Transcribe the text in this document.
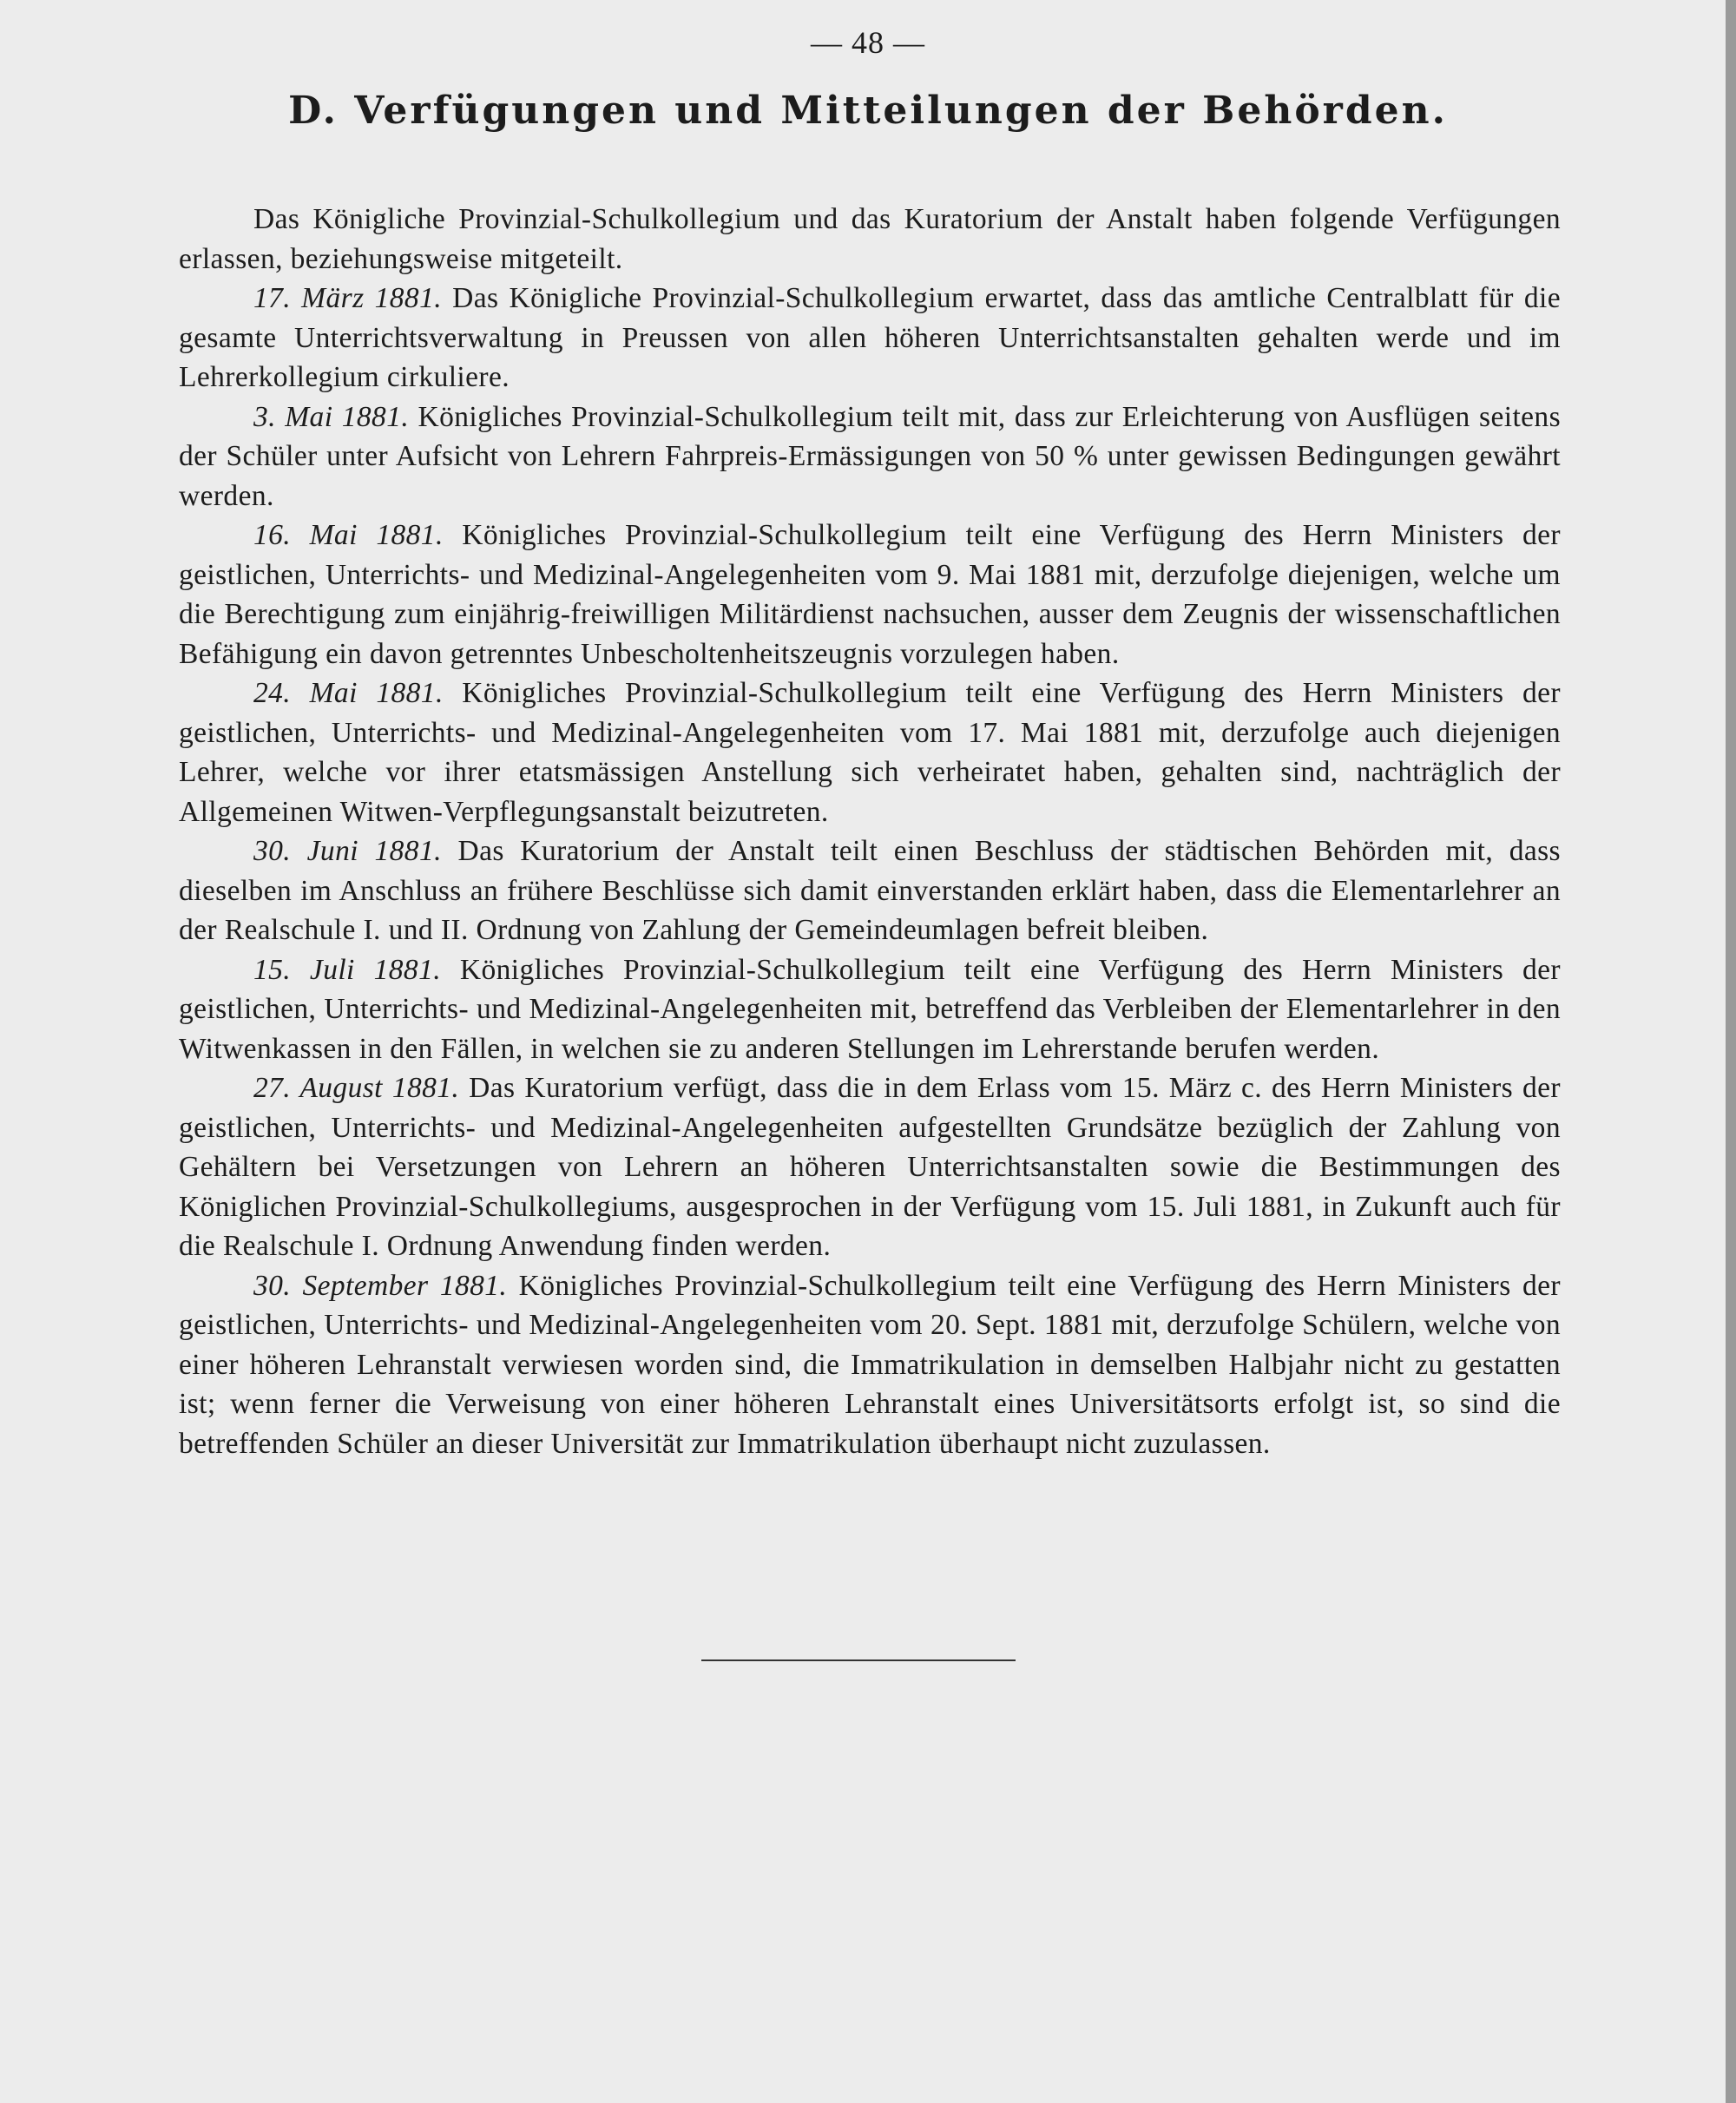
— 48 —
D. Verfügungen und Mitteilungen der Behörden.

Das Königliche Provinzial-Schulkollegium und das Kuratorium der Anstalt haben folgende Verfügungen erlassen, beziehungsweise mitgeteilt.

17. März 1881. Das Königliche Provinzial-Schulkollegium erwartet, dass das amtliche Centralblatt für die gesamte Unterrichtsverwaltung in Preussen von allen höheren Unterrichtsanstalten gehalten werde und im Lehrerkollegium cirkuliere.

3. Mai 1881. Königliches Provinzial-Schulkollegium teilt mit, dass zur Erleichterung von Ausflügen seitens der Schüler unter Aufsicht von Lehrern Fahrpreis-Ermässigungen von 50 % unter gewissen Bedingungen gewährt werden.

16. Mai 1881. Königliches Provinzial-Schulkollegium teilt eine Verfügung des Herrn Ministers der geistlichen, Unterrichts- und Medizinal-Angelegenheiten vom 9. Mai 1881 mit, derzufolge diejenigen, welche um die Berechtigung zum einjährig-freiwilligen Militärdienst nachsuchen, ausser dem Zeugnis der wissenschaftlichen Befähigung ein davon getrenntes Unbescholtenheitszeugnis vorzulegen haben.

24. Mai 1881. Königliches Provinzial-Schulkollegium teilt eine Verfügung des Herrn Ministers der geistlichen, Unterrichts- und Medizinal-Angelegenheiten vom 17. Mai 1881 mit, derzufolge auch diejenigen Lehrer, welche vor ihrer etatsmässigen Anstellung sich verheiratet haben, gehalten sind, nachträglich der Allgemeinen Witwen-Verpflegungsanstalt beizutreten.

30. Juni 1881. Das Kuratorium der Anstalt teilt einen Beschluss der städtischen Behörden mit, dass dieselben im Anschluss an frühere Beschlüsse sich damit einverstanden erklärt haben, dass die Elementarlehrer an der Realschule I. und II. Ordnung von Zahlung der Gemeindeumlagen befreit bleiben.

15. Juli 1881. Königliches Provinzial-Schulkollegium teilt eine Verfügung des Herrn Ministers der geistlichen, Unterrichts- und Medizinal-Angelegenheiten mit, betreffend das Verbleiben der Elementarlehrer in den Witwenkassen in den Fällen, in welchen sie zu anderen Stellungen im Lehrerstande berufen werden.

27. August 1881. Das Kuratorium verfügt, dass die in dem Erlass vom 15. März c. des Herrn Ministers der geistlichen, Unterrichts- und Medizinal-Angelegenheiten aufgestellten Grundsätze bezüglich der Zahlung von Gehältern bei Versetzungen von Lehrern an höheren Unterrichtsanstalten sowie die Bestimmungen des Königlichen Provinzial-Schulkollegiums, ausgesprochen in der Verfügung vom 15. Juli 1881, in Zukunft auch für die Realschule I. Ordnung Anwendung finden werden.

30. September 1881. Königliches Provinzial-Schulkollegium teilt eine Verfügung des Herrn Ministers der geistlichen, Unterrichts- und Medizinal-Angelegenheiten vom 20. Sept. 1881 mit, derzufolge Schülern, welche von einer höheren Lehranstalt verwiesen worden sind, die Immatrikulation in demselben Halbjahr nicht zu gestatten ist; wenn ferner die Verweisung von einer höheren Lehranstalt eines Universitätsorts erfolgt ist, so sind die betreffenden Schüler an dieser Universität zur Immatrikulation überhaupt nicht zuzulassen.
